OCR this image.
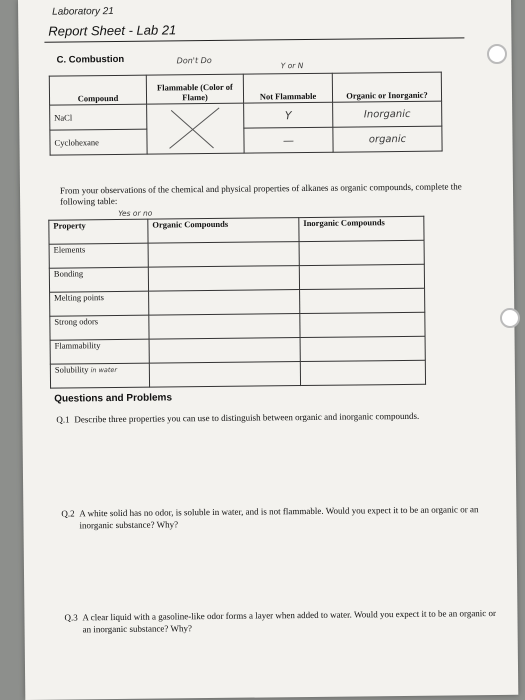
Laboratory 21
Report Sheet - Lab 21
C. Combustion	Don't Do
Y or N
Compound	Flammable (Color of Flame)	Not Flammable	Organic or Inorganic?
NaCl		Y	Inorganic
Cyclohexane		—	organic
From your observations of the chemical and physical properties of alkanes as organic compounds, complete the following table:
Yes or no
Property	Organic Compounds	Inorganic Compounds
Elements		
Bonding		
Melting points		
Strong odors		
Flammability		
Solubility in water		
Questions and Problems
Q.1 Describe three properties you can use to distinguish between organic and inorganic compounds.
Q.2 A white solid has no odor, is soluble in water, and is not flammable. Would you expect it to be an organic or an inorganic substance? Why?
Q.3 A clear liquid with a gasoline-like odor forms a layer when added to water. Would you expect it to be an organic or an inorganic substance? Why?
